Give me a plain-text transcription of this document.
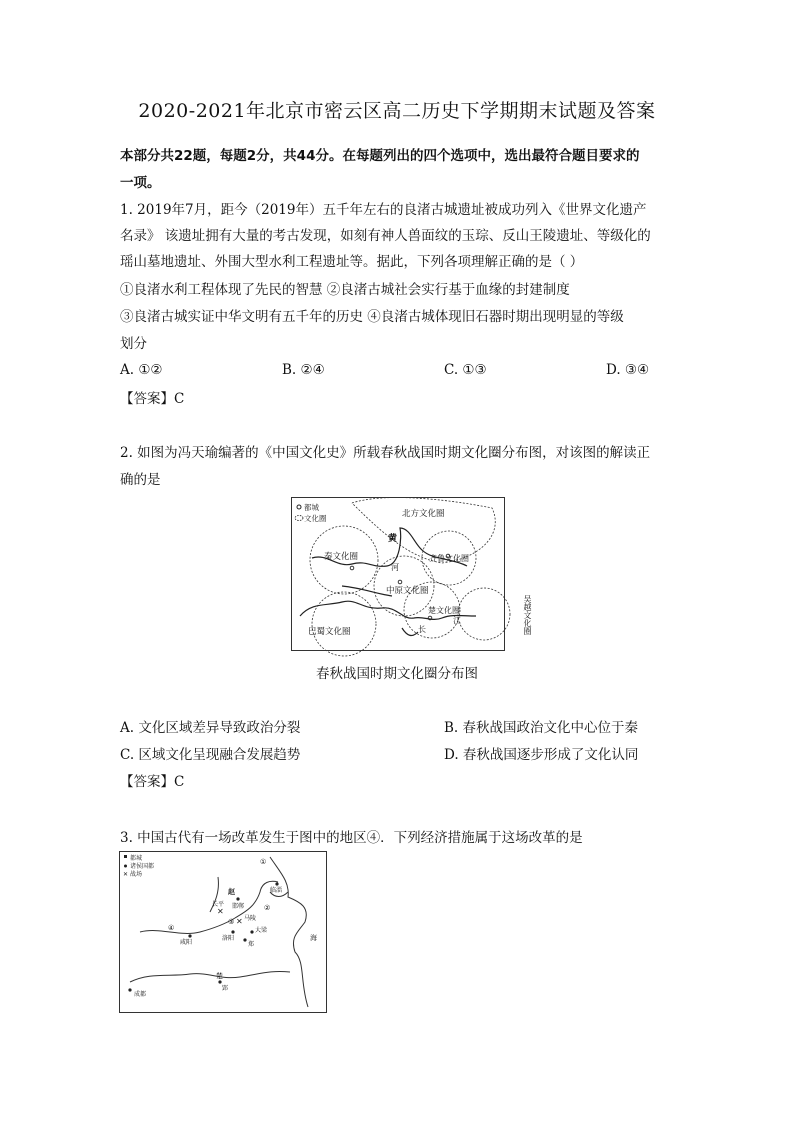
2020-2021年北京市密云区高二历史下学期期末试题及答案
本部分共22题，每题2分，共44分。在每题列出的四个选项中，选出最符合题目要求的
一项。
1. 2019年7月，距今（2019年）五千年左右的良渚古城遗址被成功列入《世界文化遗产
名录》 该遗址拥有大量的考古发现，如刻有神人兽面纹的玉琮、反山王陵遗址、等级化的
瑶山墓地遗址、外围大型水利工程遗址等。据此，下列各项理解正确的是（ ）
①良渚水利工程体现了先民的智慧 ②良渚古城社会实行基于血缘的封建制度
③良渚古城实证中华文明有五千年的历史 ④良渚古城体现旧石器时期出现明显的等级
划分
A. ①②	B. ②④	C. ①③	D. ③④
【答案】C
2. 如图为冯天瑜编著的《中国文化史》所载春秋战国时期文化圈分布图，对该图的解读正
确的是
都城
文化圈	北方文化圈
秦文化圈	齐鲁文化圈
中原文化圈
楚文化圈
巴蜀文化圈
黄
河
长
江
吴越文化圈
春秋战国时期文化圈分布图
A. 文化区域差异导致政治分裂	B. 春秋战国政治文化中心位于秦
C. 区域文化呈现融合发展趋势	D. 春秋战国逐步形成了文化认同
【答案】C
3. 中国古代有一场改革发生于图中的地区④．下列经济措施属于这场改革的是
都城
诸侯国都
✕ 战场
✕
✕
赵
邯郸
临淄
长平
马陵
大梁
洛阳
咸阳	郑
楚
郢
成都
海
①
②
③
④
